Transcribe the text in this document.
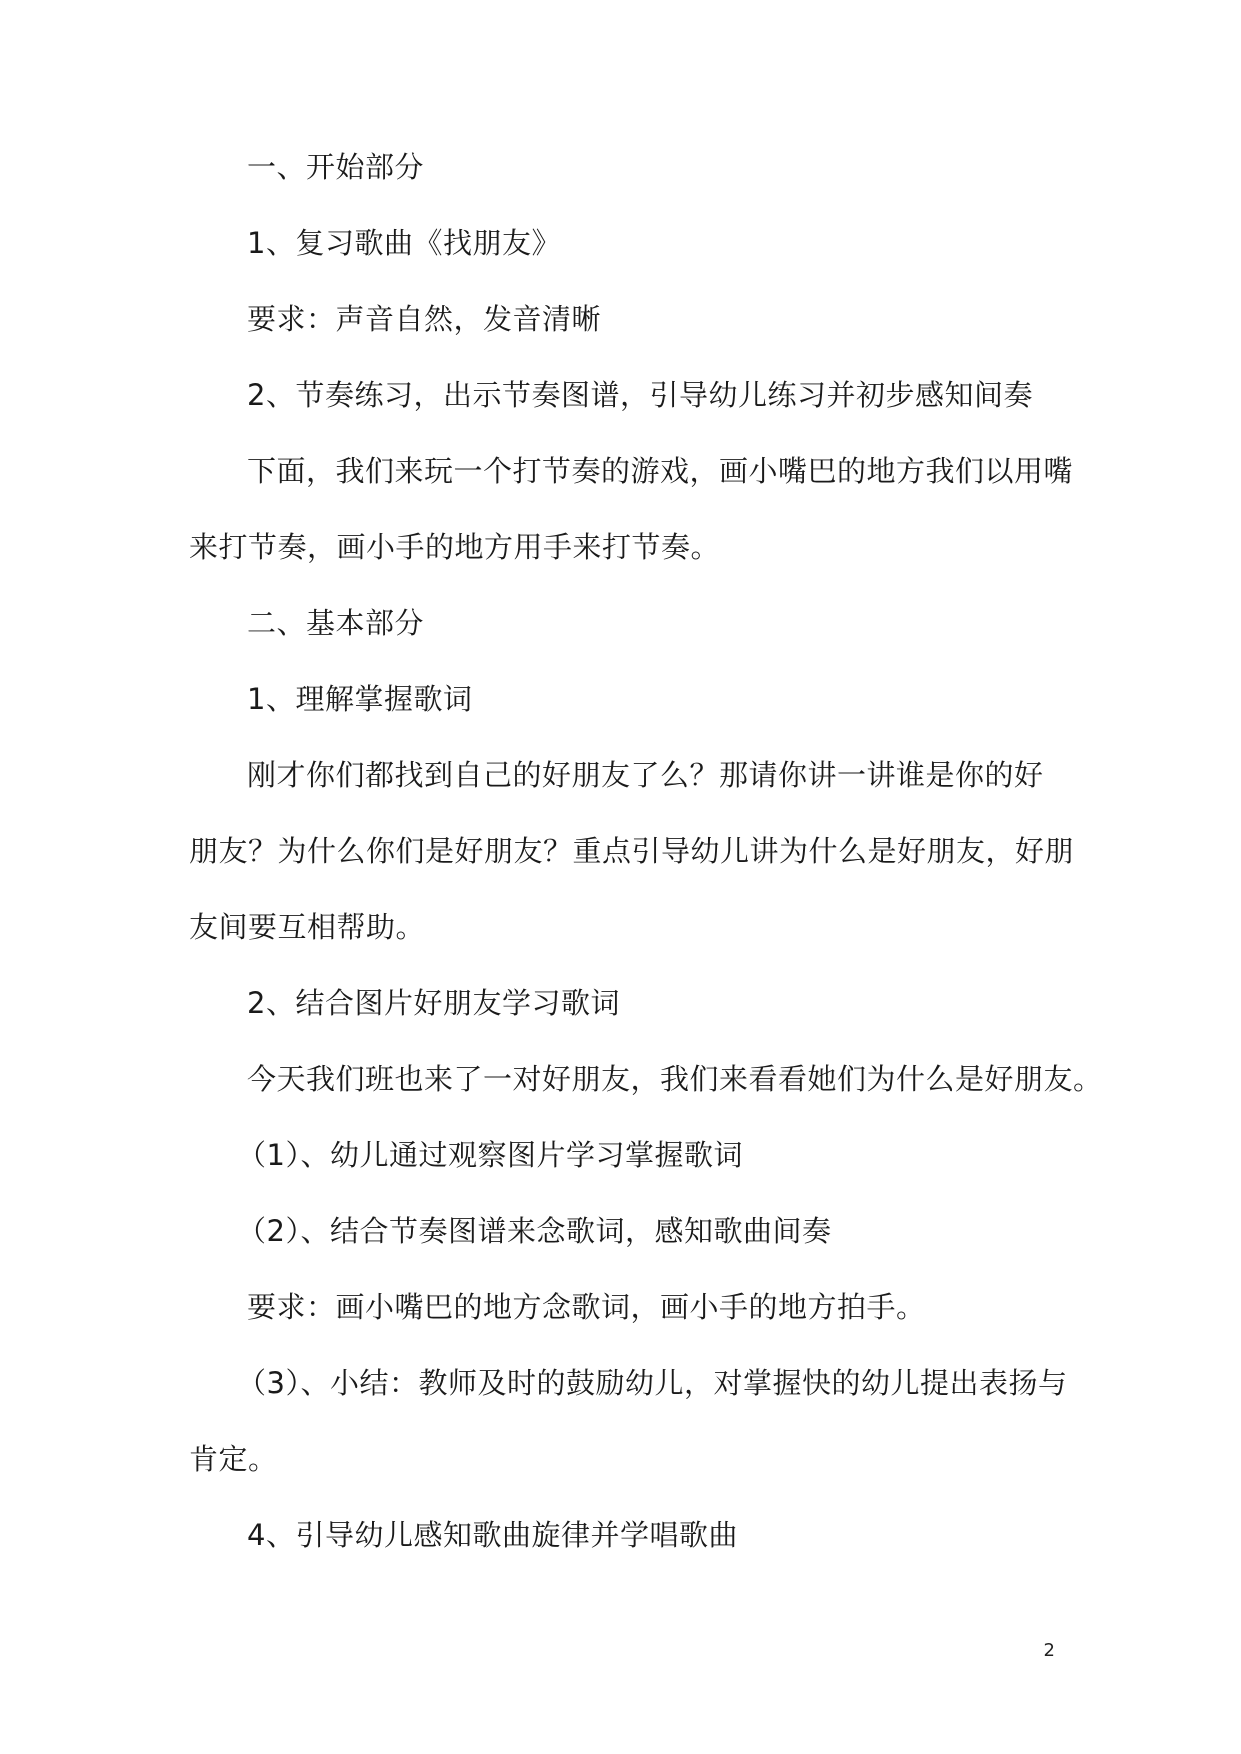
一、开始部分
1、复习歌曲《找朋友》
要求：声音自然，发音清晰
2、节奏练习，出示节奏图谱，引导幼儿练习并初步感知间奏
下面，我们来玩一个打节奏的游戏，画小嘴巴的地方我们以用嘴
来打节奏，画小手的地方用手来打节奏。
二、基本部分
1、理解掌握歌词
刚才你们都找到自己的好朋友了么？那请你讲一讲谁是你的好
朋友？为什么你们是好朋友？重点引导幼儿讲为什么是好朋友，好朋
友间要互相帮助。
2、结合图片好朋友学习歌词
今天我们班也来了一对好朋友，我们来看看她们为什么是好朋友。
（1）、幼儿通过观察图片学习掌握歌词
（2）、结合节奏图谱来念歌词，感知歌曲间奏
要求：画小嘴巴的地方念歌词，画小手的地方拍手。
（3）、小结：教师及时的鼓励幼儿，对掌握快的幼儿提出表扬与
肯定。
4、引导幼儿感知歌曲旋律并学唱歌曲
2
